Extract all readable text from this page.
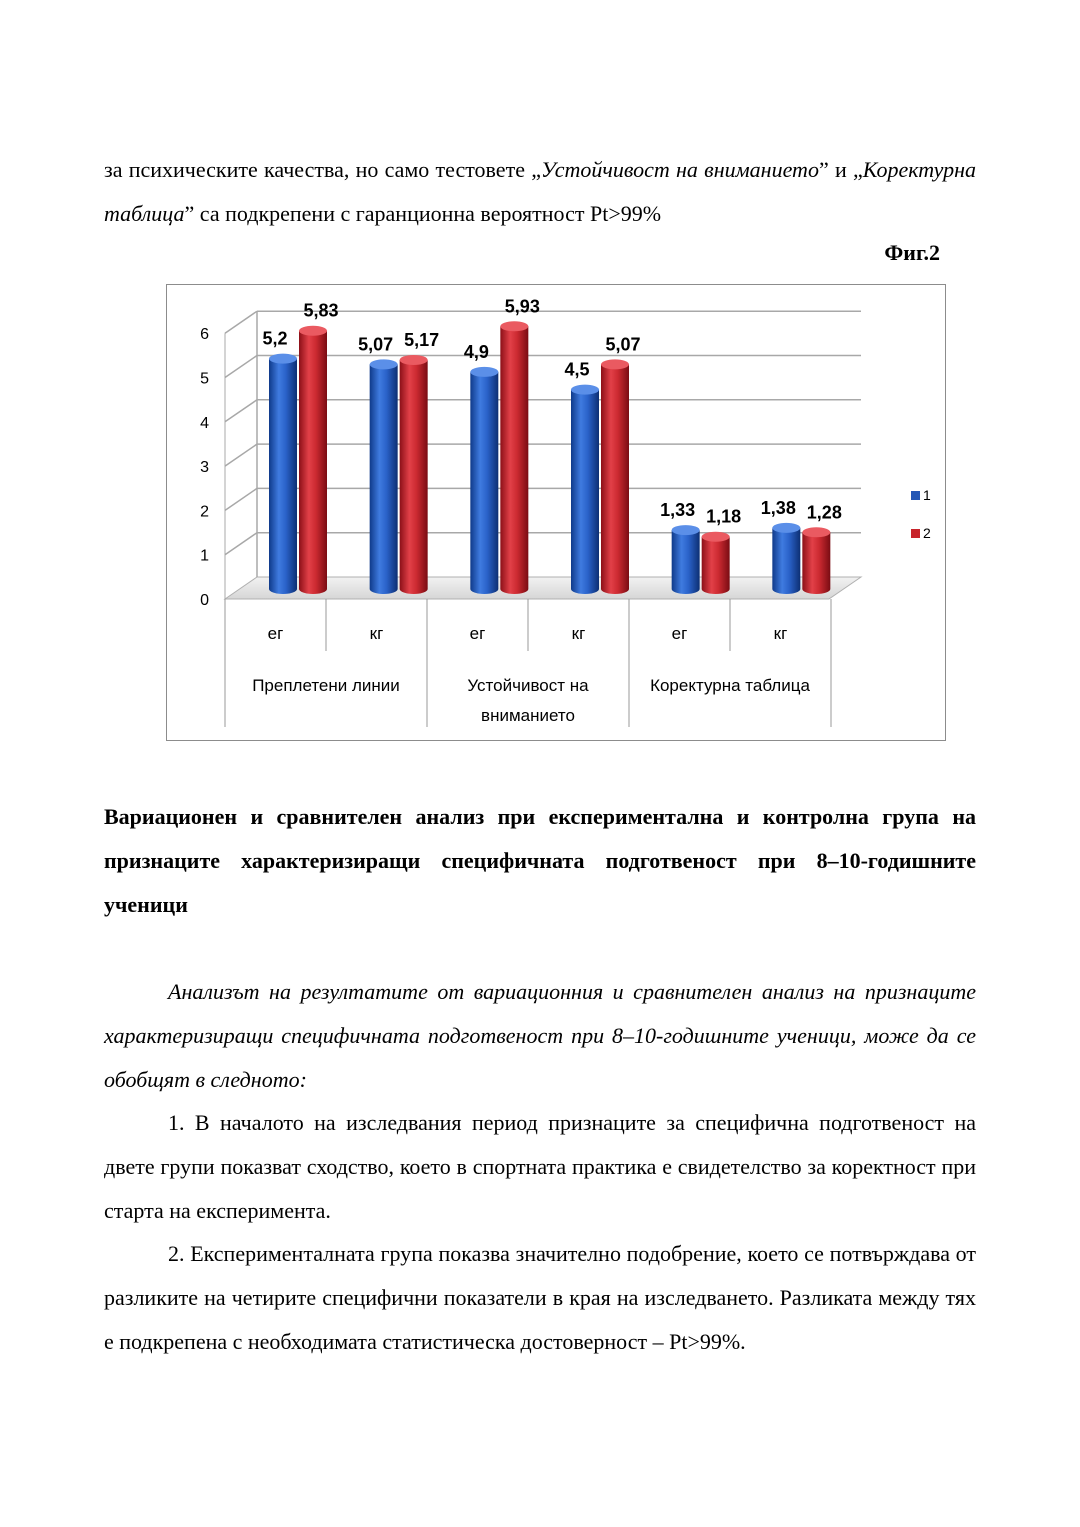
за психическите качества, но само тестовете „Устойчивост на вниманието” и „Коректурна таблица” са подкрепени с гаранционна вероятност Pt>99%

Фиг.2
0
1
2
3
4
5
6	5,2	5,07	4,9
4,5
1,33	1,38
5,83
5,17
5,93
5,07
1,18	1,28
ег	кг	ег	кг	ег	кг
Преплетени линии	Устойчивост на
вниманието
Коректурна таблица
1
2

Вариационен и сравнителен анализ при експериментална и контролна група на признаците характеризиращи специфичната подготвеност при 8–10-годишните ученици

Анализът на резултатите от вариационния и сравнителен анализ на признаците характеризиращи специфичната подготвеност при 8–10-годишните ученици, може да се обобщят в следното:

1. В началото на изследвания период признаците за специфична подготвеност на двете групи показват сходство, което в спортната практика е свидетелство за коректност при старта на експеримента.

2. Експерименталната група показва значително подобрение, което се потвърждава от разликите на четирите специфични показатели в края на изследването. Разликата между тях е подкрепена с необходимата статистическа достоверност – Pt>99%.
